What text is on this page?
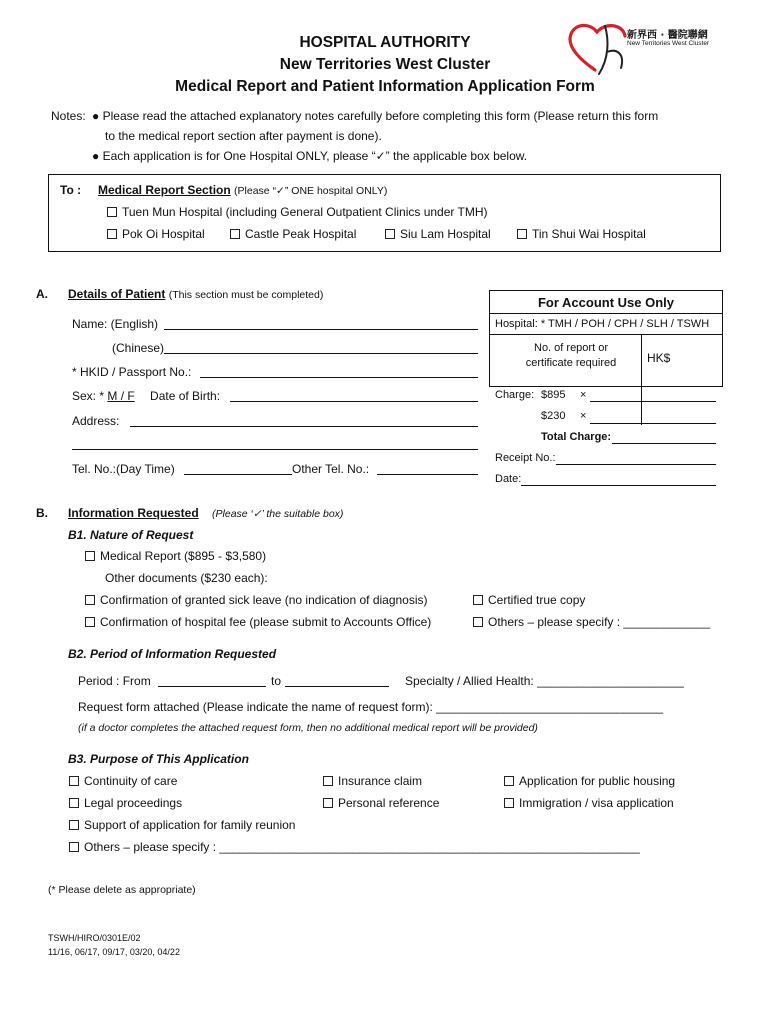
HOSPITAL AUTHORITY
New Territories West Cluster
Medical Report and Patient Information Application Form
新界西 · 醫院聯網
New Territories West Cluster
Notes: ● Please read the attached explanatory notes carefully before completing this form (Please return this form
to the medical report section after payment is done).
● Each application is for One Hospital ONLY, please “✓” the applicable box below.
To : Medical Report Section (Please “✓” ONE hospital ONLY)
Tuen Mun Hospital (including General Outpatient Clinics under TMH)
Pok Oi Hospital	Castle Peak Hospital	Siu Lam Hospital	Tin Shui Wai Hospital
A. Details of Patient (This section must be completed)
Name: (English)
(Chinese)
* HKID / Passport No.:
Sex: * M / F Date of Birth:
Address:
Tel. No.:(Day Time)	Other Tel. No.:
For Account Use Only
Hospital: * TMH / POH / CPH / SLH / TSWH
No. of report or certificate required	HK$
Charge: $895 ×
$230 ×
Total Charge:
Receipt No.:
Date:
B. Information Requested (Please ‘✓’ the suitable box)
B1. Nature of Request
Medical Report ($895 - $3,580)
Other documents ($230 each):
Confirmation of granted sick leave (no indication of diagnosis)	Certified true copy
Confirmation of hospital fee (please submit to Accounts Office)	Others – please specify : _____________
B2. Period of Information Requested
Period : From	to	Specialty / Allied Health: ______________________
Request form attached (Please indicate the name of request form): __________________________________
(if a doctor completes the attached request form, then no additional medical report will be provided)
B3. Purpose of This Application
Continuity of care	Insurance claim	Application for public housing
Legal proceedings	Personal reference	Immigration / visa application
Support of application for family reunion
Others – please specify : _______________________________________________________________
(* Please delete as appropriate)
TSWH/HIRO/0301E/02
11/16, 06/17, 09/17, 03/20, 04/22
